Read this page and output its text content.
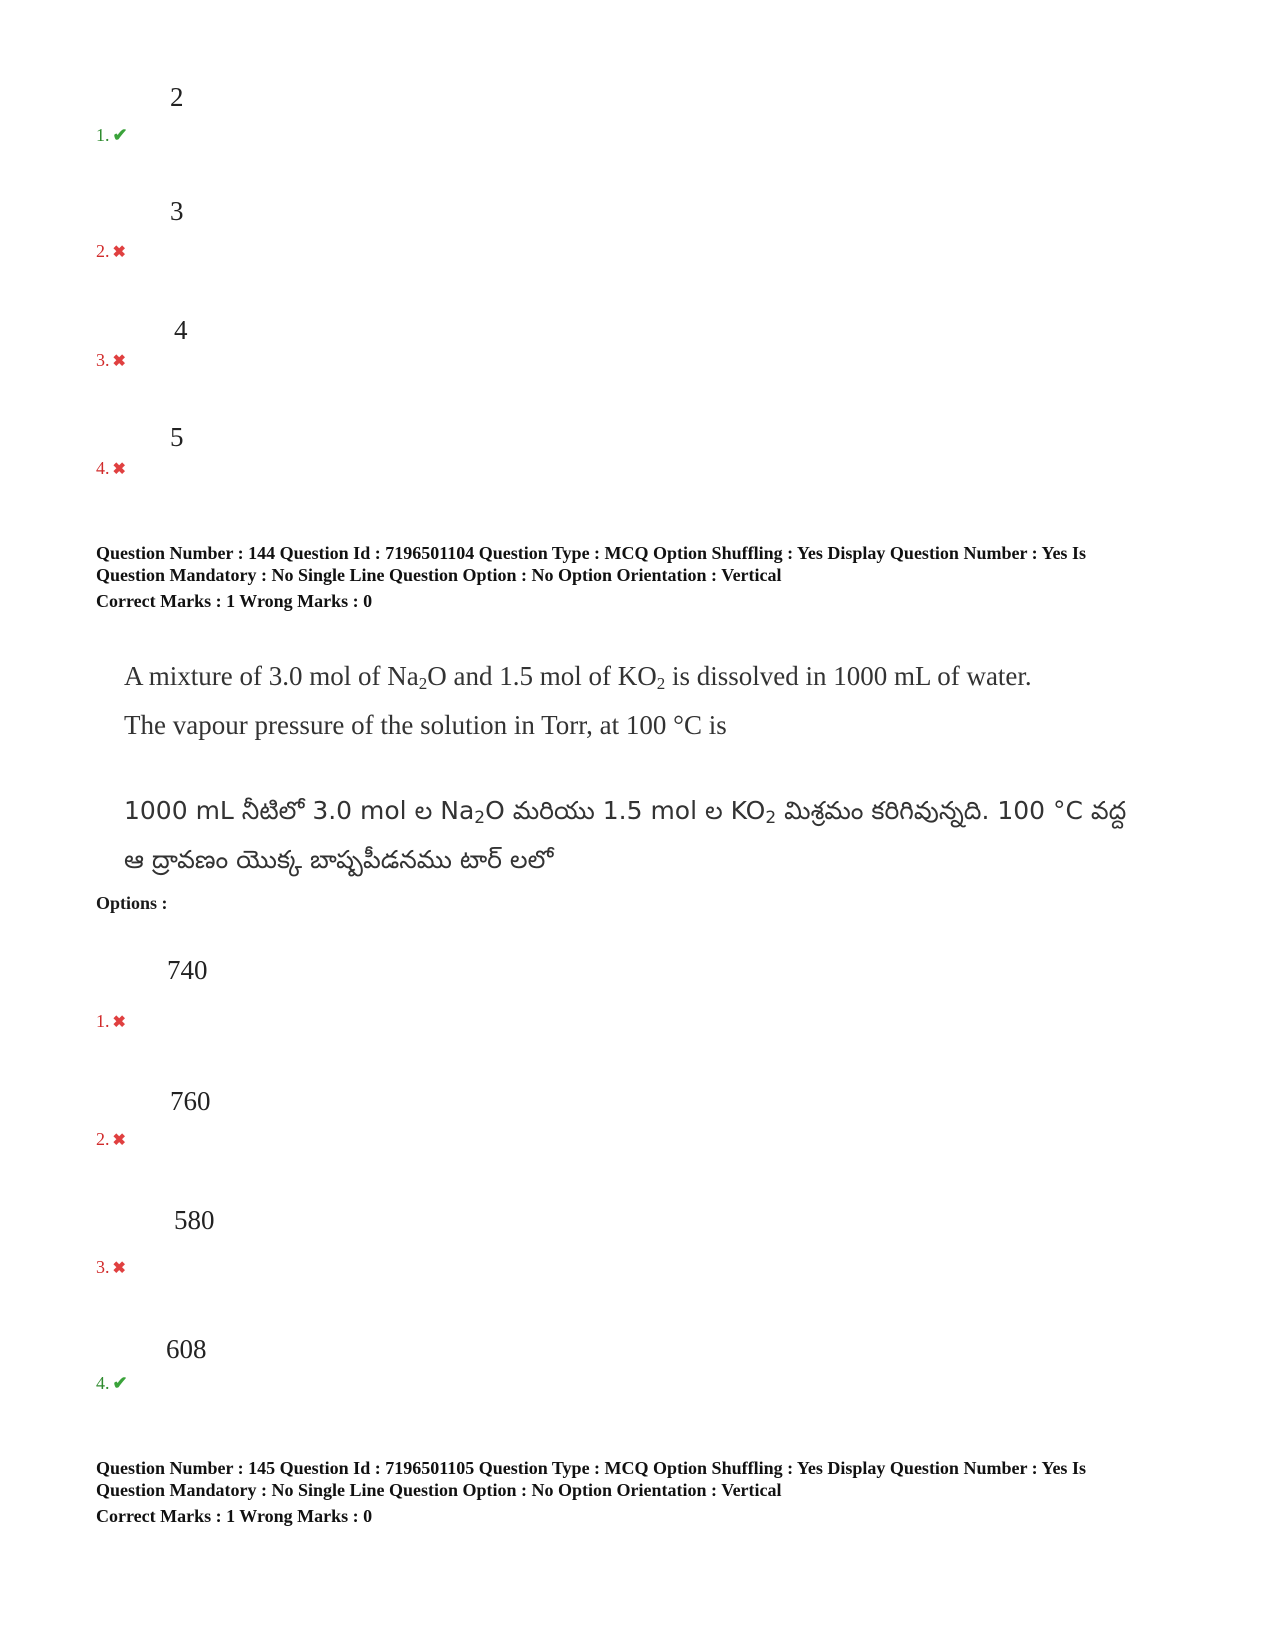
2
1. ✔
3
2. ✖
4
3. ✖
5
4. ✖
Question Number : 144 Question Id : 7196501104 Question Type : MCQ Option Shuffling : Yes Display Question Number : Yes Is
Question Mandatory : No Single Line Question Option : No Option Orientation : Vertical
Correct Marks : 1 Wrong Marks : 0
A mixture of 3.0 mol of $Na_2O$ and 1.5 mol of $KO_2$ is dissolved in 1000 mL of water.
The vapour pressure of the solution in Torr, at 100 °C is
1000 mL నీటిలో 3.0 mol ల $Na_2O$ మరియు 1.5 mol ల $KO_2$ మిశ్రమం కరిగివున్నది. 100 °C వద్ద
ఆ ద్రావణం యొక్క బాష్పపీడనము టార్ లలో
Options :
740
1. ✖
760
2. ✖
580
3. ✖
608
4. ✔
Question Number : 145 Question Id : 7196501105 Question Type : MCQ Option Shuffling : Yes Display Question Number : Yes Is
Question Mandatory : No Single Line Question Option : No Option Orientation : Vertical
Correct Marks : 1 Wrong Marks : 0
